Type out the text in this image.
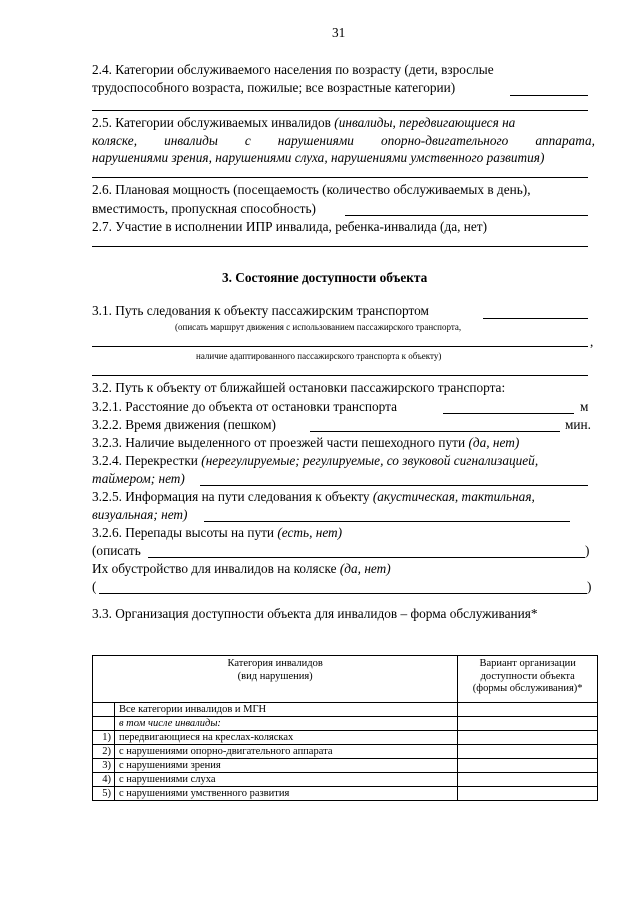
31
2.4. Категории обслуживаемого населения по возрасту (дети, взрослые
трудоспособного возраста, пожилые; все возрастные категории)
2.5. Категории обслуживаемых инвалидов (инвалиды, передвигающиеся на
коляске, инвалиды с нарушениями опорно-двигательного аппарата,
нарушениями зрения, нарушениями слуха, нарушениями умственного развития)
2.6. Плановая мощность (посещаемость (количество обслуживаемых в день),
вместимость, пропускная способность)
2.7. Участие в исполнении ИПР инвалида, ребенка-инвалида (да, нет)
3. Состояние доступности объекта
3.1. Путь следования к объекту пассажирским транспортом
(описать маршрут движения с использованием пассажирского транспорта,
,
наличие адаптированного пассажирского транспорта к объекту)
3.2. Путь к объекту от ближайшей остановки пассажирского транспорта:
3.2.1. Расстояние до объекта от остановки транспорта	м
3.2.2. Время движения (пешком)	мин.
3.2.3. Наличие выделенного от проезжей части пешеходного пути (да, нет)
3.2.4. Перекрестки (нерегулируемые; регулируемые, со звуковой сигнализацией,
таймером; нет)
3.2.5. Информация на пути следования к объекту (акустическая, тактильная,
визуальная; нет)
3.2.6. Перепады высоты на пути (есть, нет)
(описать	)
Их обустройство для инвалидов на коляске (да, нет)
(	)
3.3. Организация доступности объекта для инвалидов – форма обслуживания*
Категория инвалидов
(вид нарушения)		Вариант организации
доступности объекта
(формы обслуживания)*
	Все категории инвалидов и МГН	
	в том числе инвалиды:	
1)	передвигающиеся на креслах-колясках	
2)	с нарушениями опорно-двигательного аппарата	
3)	с нарушениями зрения	
4)	с нарушениями слуха	
5)	с нарушениями умственного развития	
